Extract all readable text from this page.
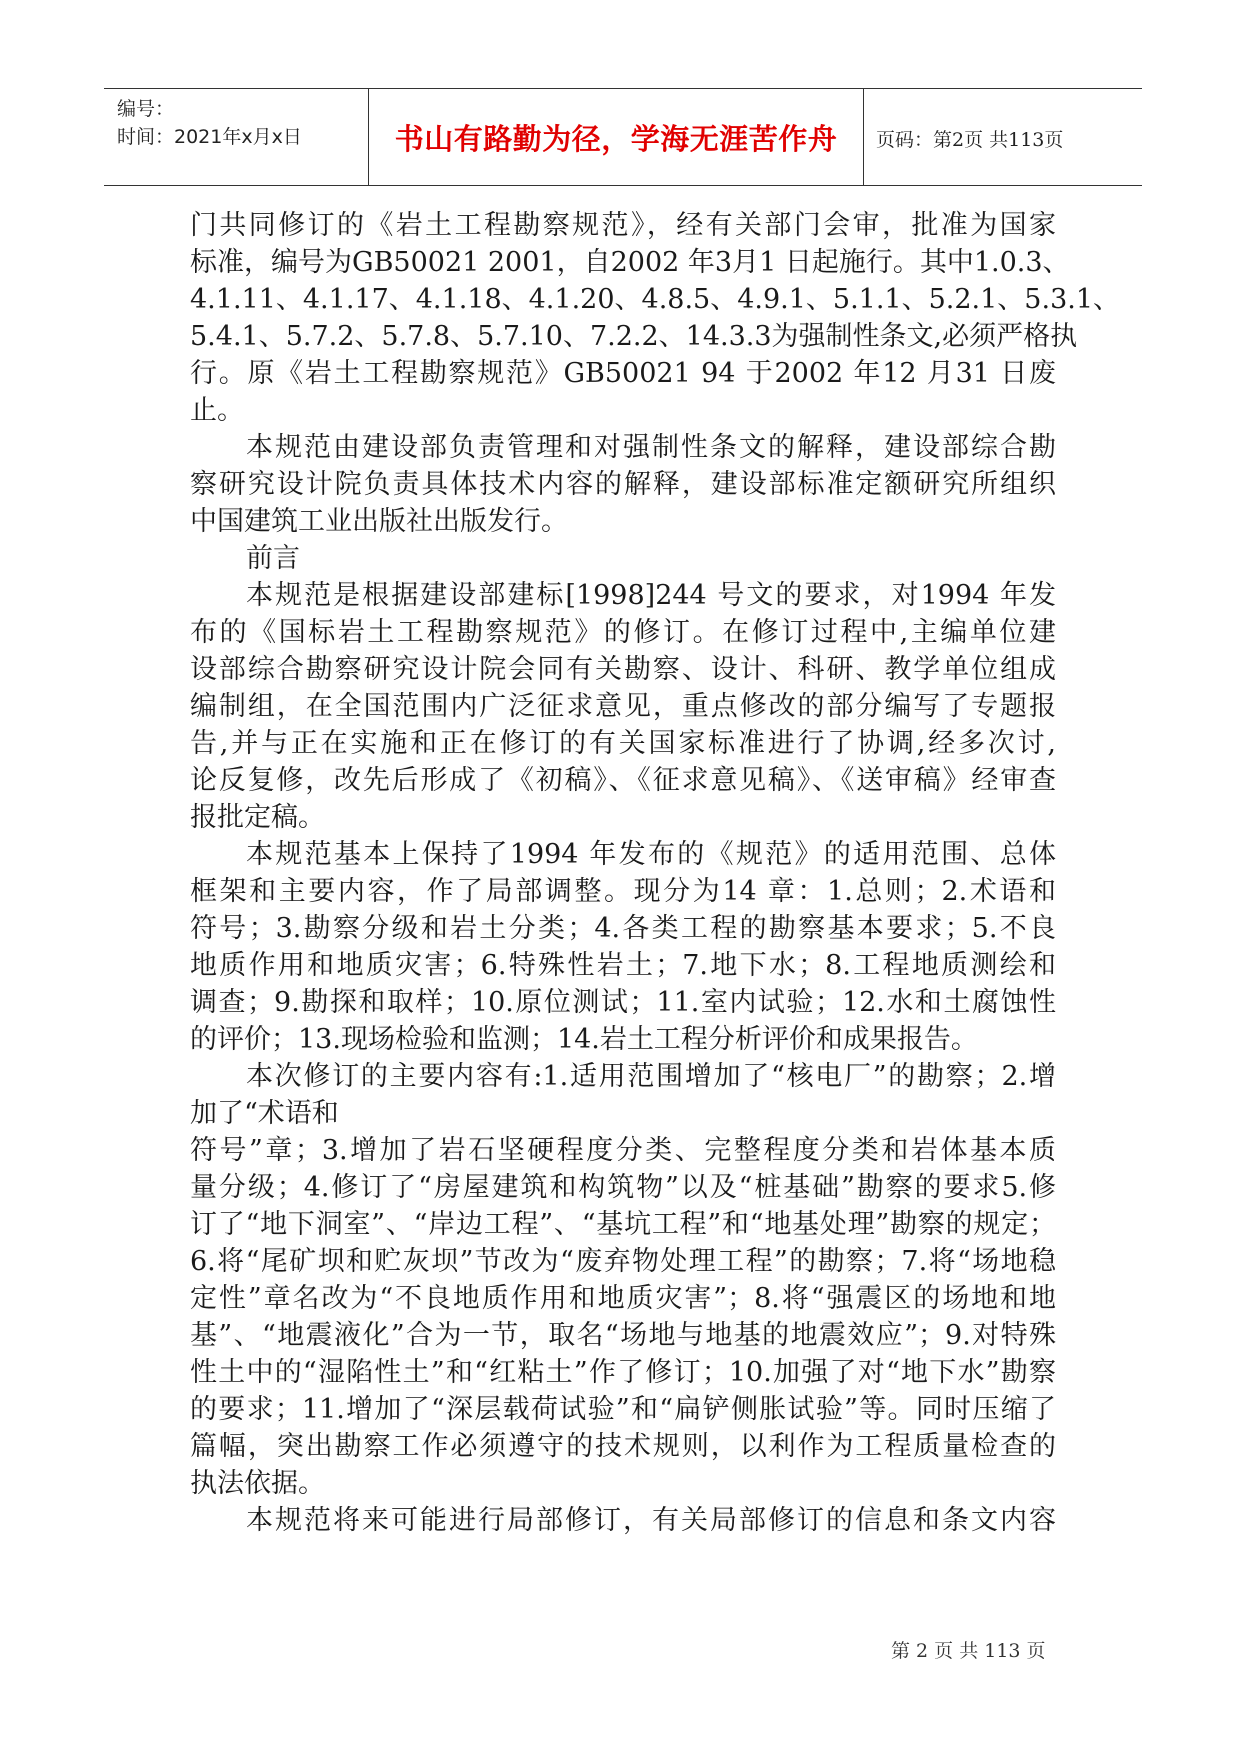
编号：
时间：2021年x月x日	书山有路勤为径，学海无涯苦作舟	页码：第2页 共113页
门共同修订的《岩土工程勘察规范》，经有关部门会审，批准为国家
标准，编号为GB50021 2001，自2002 年3月1 日起施行。其中1.0.3、
4.1.11、4.1.17、4.1.18、4.1.20、4.8.5、4.9.1、5.1.1、5.2.1、5.3.1、
5.4.1、5.7.2、5.7.8、5.7.10、7.2.2、14.3.3为强制性条文,必须严格执
行。原《岩土工程勘察规范》GB50021 94 于2002 年12 月31 日废
止。
本规范由建设部负责管理和对强制性条文的解释，建设部综合勘
察研究设计院负责具体技术内容的解释，建设部标准定额研究所组织
中国建筑工业出版社出版发行。
前言
本规范是根据建设部建标[1998]244 号文的要求，对1994 年发
布的《国标岩土工程勘察规范》的修订。在修订过程中,主编单位建
设部综合勘察研究设计院会同有关勘察、设计、科研、教学单位组成
编制组，在全国范围内广泛征求意见，重点修改的部分编写了专题报
告,并与正在实施和正在修订的有关国家标准进行了协调,经多次讨,
论反复修，改先后形成了《初稿》、《征求意见稿》、《送审稿》经审查
报批定稿。
本规范基本上保持了1994 年发布的《规范》的适用范围、总体
框架和主要内容，作了局部调整。现分为14 章：1.总则；2.术语和
符号；3.勘察分级和岩土分类；4.各类工程的勘察基本要求；5.不良
地质作用和地质灾害；6.特殊性岩土；7.地下水；8.工程地质测绘和
调查；9.勘探和取样；10.原位测试；11.室内试验；12.水和土腐蚀性
的评价；13.现场检验和监测；14.岩土工程分析评价和成果报告。
本次修订的主要内容有:1.适用范围增加了“核电厂”的勘察；2.增
加了“术语和
符号”章；3.增加了岩石坚硬程度分类、完整程度分类和岩体基本质
量分级；4.修订了“房屋建筑和构筑物”以及“桩基础”勘察的要求5.修
订了“地下洞室”、“岸边工程”、“基坑工程”和“地基处理”勘察的规定；
6.将“尾矿坝和贮灰坝”节改为“废弃物处理工程”的勘察；7.将“场地稳
定性”章名改为“不良地质作用和地质灾害”；8.将“强震区的场地和地
基”、“地震液化”合为一节，取名“场地与地基的地震效应”；9.对特殊
性土中的“湿陷性土”和“红粘土”作了修订；10.加强了对“地下水”勘察
的要求；11.增加了“深层载荷试验”和“扁铲侧胀试验”等。同时压缩了
篇幅，突出勘察工作必须遵守的技术规则，以利作为工程质量检查的
执法依据。
本规范将来可能进行局部修订，有关局部修订的信息和条文内容
第 2 页 共 113 页
